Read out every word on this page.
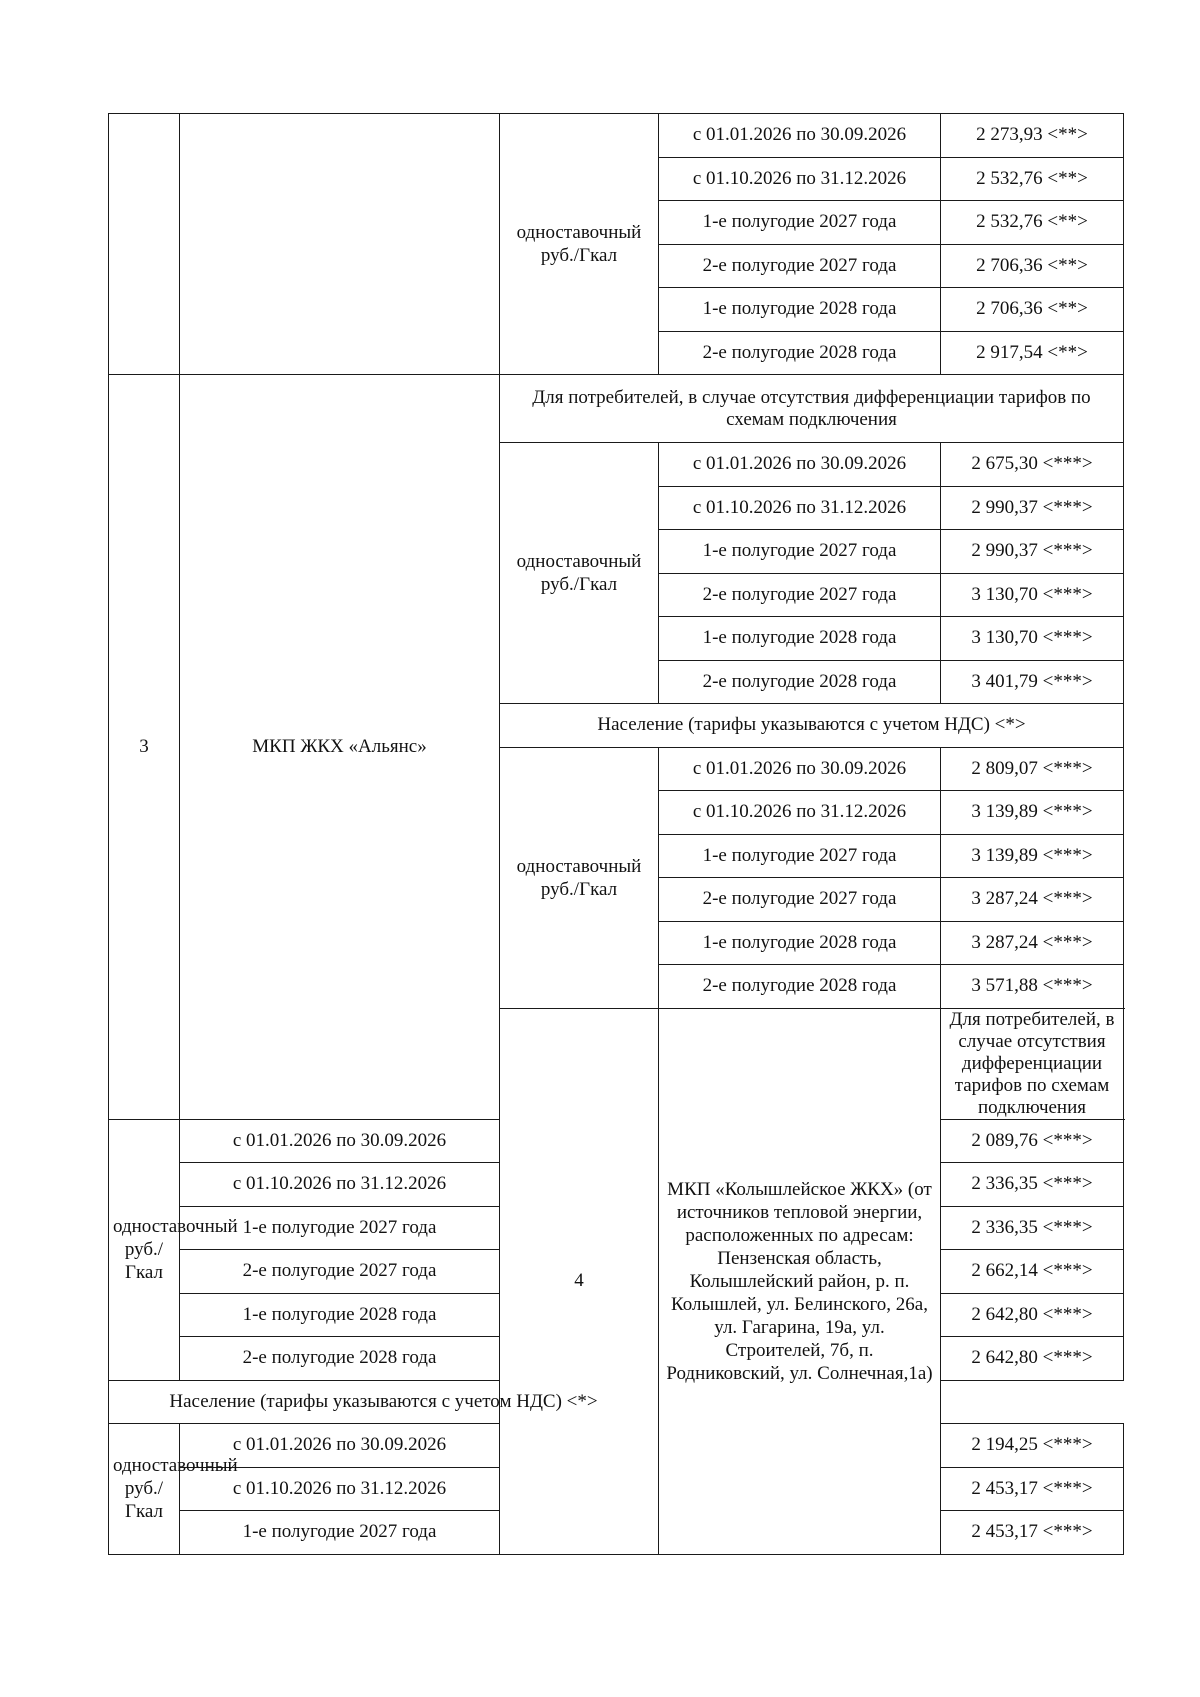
		одноставочный руб./Гкал	с 01.01.2026 по 30.09.2026	2 273,93 <**>
			с 01.10.2026 по 31.12.2026	2 532,76 <**>
			1-е полугодие 2027 года	2 532,76 <**>
			2-е полугодие 2027 года	2 706,36 <**>
			1-е полугодие 2028 года	2 706,36 <**>
			2-е полугодие 2028 года	2 917,54 <**>
3	МКП ЖКХ «Альянс»	Для потребителей, в случае отсутствия дифференциации тарифов по схемам подключения		
		одноставочный руб./Гкал	с 01.01.2026 по 30.09.2026	2 675,30 <***>
			с 01.10.2026 по 31.12.2026	2 990,37 <***>
			1-е полугодие 2027 года	2 990,37 <***>
			2-е полугодие 2027 года	3 130,70 <***>
			1-е полугодие 2028 года	3 130,70 <***>
			2-е полугодие 2028 года	3 401,79 <***>
		Население (тарифы указываются с учетом НДС) <*>		
		одноставочный руб./Гкал	с 01.01.2026 по 30.09.2026	2 809,07 <***>
			с 01.10.2026 по 31.12.2026	3 139,89 <***>
			1-е полугодие 2027 года	3 139,89 <***>
			2-е полугодие 2027 года	3 287,24 <***>
			1-е полугодие 2028 года	3 287,24 <***>
			2-е полугодие 2028 года	3 571,88 <***>
		4	МКП «Колышлейское ЖКХ» (от источников тепловой энергии, расположенных по адресам: Пензенская область, Колышлейский район, р. п. Колышлей, ул. Белинского, 26а, ул. Гагарина, 19а, ул. Строителей, 7б, п. Родниковский, ул. Солнечная,1а)	Для потребителей, в случае отсутствия дифференциации тарифов по схемам подключения
одноставочный руб./Гкал	с 01.01.2026 по 30.09.2026			2 089,76 <***>
	с 01.10.2026 по 31.12.2026			2 336,35 <***>
	1-е полугодие 2027 года			2 336,35 <***>
	2-е полугодие 2027 года			2 662,14 <***>
	1-е полугодие 2028 года			2 642,80 <***>
	2-е полугодие 2028 года			2 642,80 <***>
Население (тарифы указываются с учетом НДС) <*>				
одноставочный руб./Гкал	с 01.01.2026 по 30.09.2026			2 194,25 <***>
	с 01.10.2026 по 31.12.2026			2 453,17 <***>
	1-е полугодие 2027 года			2 453,17 <***>
